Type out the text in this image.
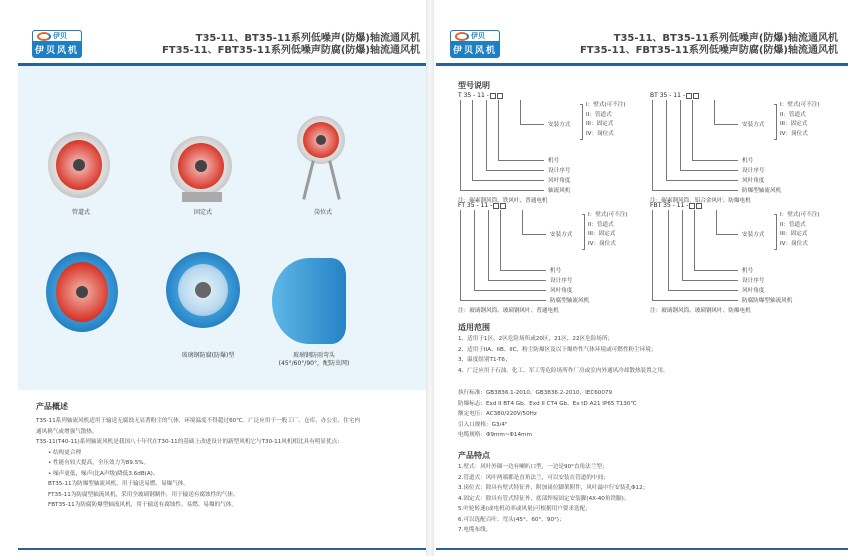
伊贝
伊贝风机
T35-11、BT35-11系列低噪声(防爆)轴流通风机
FT35-11、FBT35-11系列低噪声防腐(防爆)轴流通风机
管道式	固定式	岗位式
玻璃钢防腐(防爆)型	玻璃钢防雨弯头
(45°/60°/90°，配防虫网)
产品概述
T35-11系列轴流风机适用于输送无腐蚀无显著粉尘的气体，环境温度不得超过60℃。广泛应用于一般工厂、仓库、办公室、住宅内
通风换气或增强气散热。
T35-11(T40-11)系列轴流风机是我国八十年代在T30-11的基础上改进设计的新型风机它与T30-11风机相比具有明显优点：
• 结构更合理
• 性能有较大提高，全压效力为89.5%。
• 噪声更低，噪声(比A声级)降低3.6dB(A)。
BT35-11为防爆型轴流风机，用于输送易燃、易爆气体。
FT35-11为防腐型轴流风机，采用全玻璃钢制作，用于输送有腐蚀性的气体。
FBT35-11为防腐防爆型轴流风机，用于输送有腐蚀性、易燃、易爆的气体。
伊贝
伊贝风机
T35-11、BT35-11系列低噪声(防爆)轴流通风机
FT35-11、FBT35-11系列低噪声防腐(防爆)轴流通风机
型号说明
T 35 - 11 -
安装方式
I：壁式(可不注)
II：管道式
III：固定式
IV：岗位式
机号
设计序号
风叶角度
轴流风机
注：碳素钢风筒、铁风叶、普通电机
BT 35 - 11 -
安装方式
I：壁式(可不注)
II：管道式
III：固定式
IV：岗位式
机号
设计序号
风叶角度
防爆型轴流风机
注：碳素钢风筒、铝合金风叶、防爆电机
FT 35 - 11 -
安装方式
I：壁式(可不注)
II：管道式
III：固定式
IV：岗位式
机号
设计序号
风叶角度
防腐型轴流风机
注：玻璃钢风筒、玻璃钢风叶、普通电机
FBT 35 - 11 -
安装方式
I：壁式(可不注)
II：管道式
III：固定式
IV：岗位式
机号
设计序号
风叶角度
防腐防爆型轴流风机
注：玻璃钢风筒、玻璃钢风叶、防爆电机
适用范围
1、适用于1区、2区危险场所或20区，21区，22区危险场所；
2、适用于IIA、IIB、IIC、粉尘防爆区及以下爆炸性气体环境或可燃性粉尘环境；
3、温度组别T1-T6；
4、广泛应用于石油、化工、军工等危险场所作厂房或室内外通风冷却散热装置之用。
执行标准：GB3836.1-2010、GB3836.2-2010、IEC60079
防爆标志：Exd II BT4 Gb、Exd II CT4 Gb、Ex tD A21 IP65 T130℃
额定电压：AC380/220V/50Hz
引入口规格：G3/4"
电缆规格：Φ9mm~Φ14mm
产品特点
1.壁式：风叶外圈一边有喇叭口型，一边是90°直角法兰型；
2.管道式：风叶两端都是直角法兰，可以安装在管道的中间；
3.岗位式：除具有壁式特征外，附加岗位脚架附件，风叶最中行安装孔Φ12；
4.固定式：除具有管式特征外，底部焊接固定安装脚(4X-40角铁脚)；
5.叶轮转速(或电机功率或风量)可根据用户要求选配；
6.可以选配百叶、弯头(45°、60°、90°)；
7.电缆布线。
